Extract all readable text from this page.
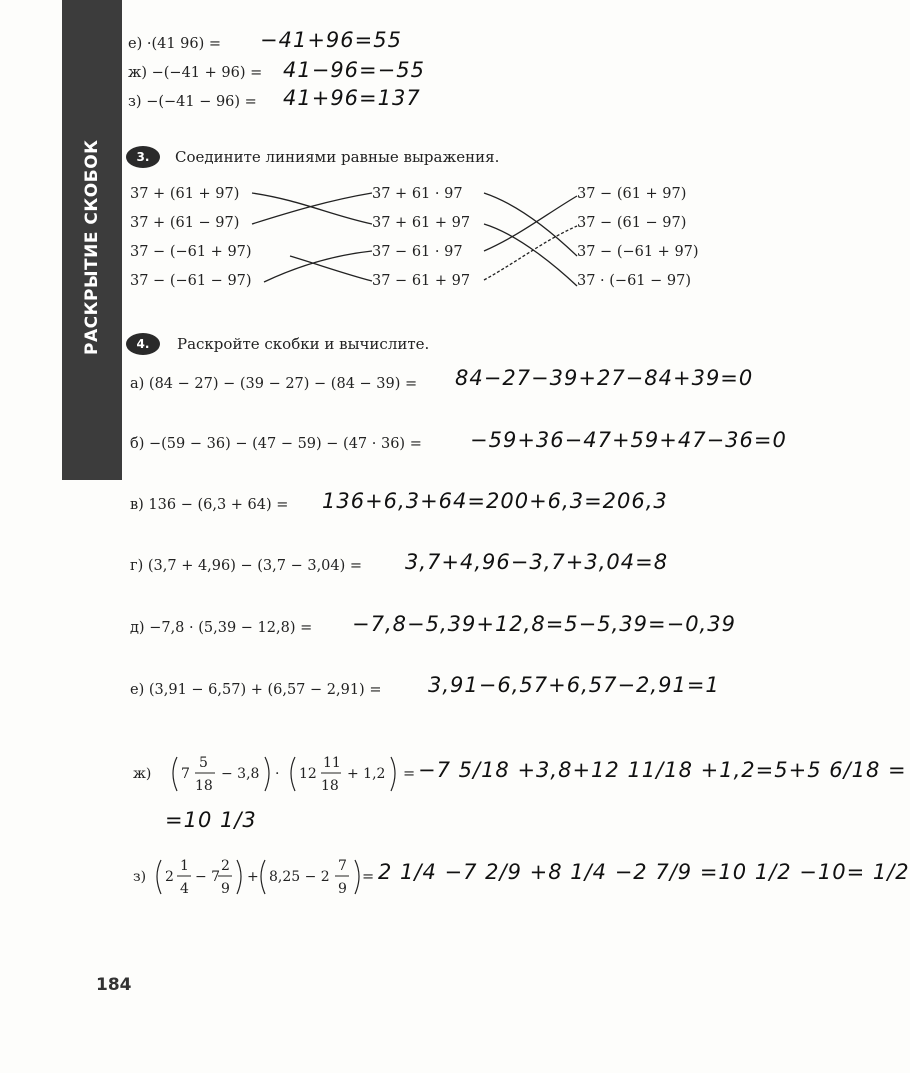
РАСКРЫТИЕ СКОБОК
е) ·(41 96) = −41+96=55
ж) −(−41 + 96) = 41−96=−55
з) −(−41 − 96) = 41+96=137
3.	Соедините линиями равные выражения.
37 + (61 + 97)
37 + (61 − 97)
37 − (−61 + 97)
37 − (−61 − 97)
37 + 61 · 97
37 + 61 + 97
37 − 61 · 97
37 − 61 + 97
37 − (61 + 97)
37 − (61 − 97)
37 − (−61 + 97)
37 · (−61 − 97)
4.	Раскройте скобки и вычислите.
а) (84 − 27) − (39 − 27) − (84 − 39) = 84−27−39+27−84+39=0
б) −(59 − 36) − (47 − 59) − (47 · 36) = −59+36−47+59+47−36=0
в) 136 − (6,3 + 64) = 136+6,3+64=200+6,3=206,3
г) (3,7 + 4,96) − (3,7 − 3,04) = 3,7+4,96−3,7+3,04=8
д) −7,8 · (5,39 − 12,8) = −7,8−5,39+12,8=5−5,39=−0,39
е) (3,91 − 6,57) + (6,57 − 2,91) = 3,91−6,57+6,57−2,91=1
ж) 7
5
18
− 3,8 · 12
11
18
+ 1,2 = −7 5/18 +3,8+12 11/18 +1,2=5+5 6/18 =
=10 1/3
з) 2
1
4
− 7
2
9
+ 8,25 − 2
7
9
= 2 1/4 −7 2/9 +8 1/4 −2 7/9 =10 1/2 −10= 1/2
184
